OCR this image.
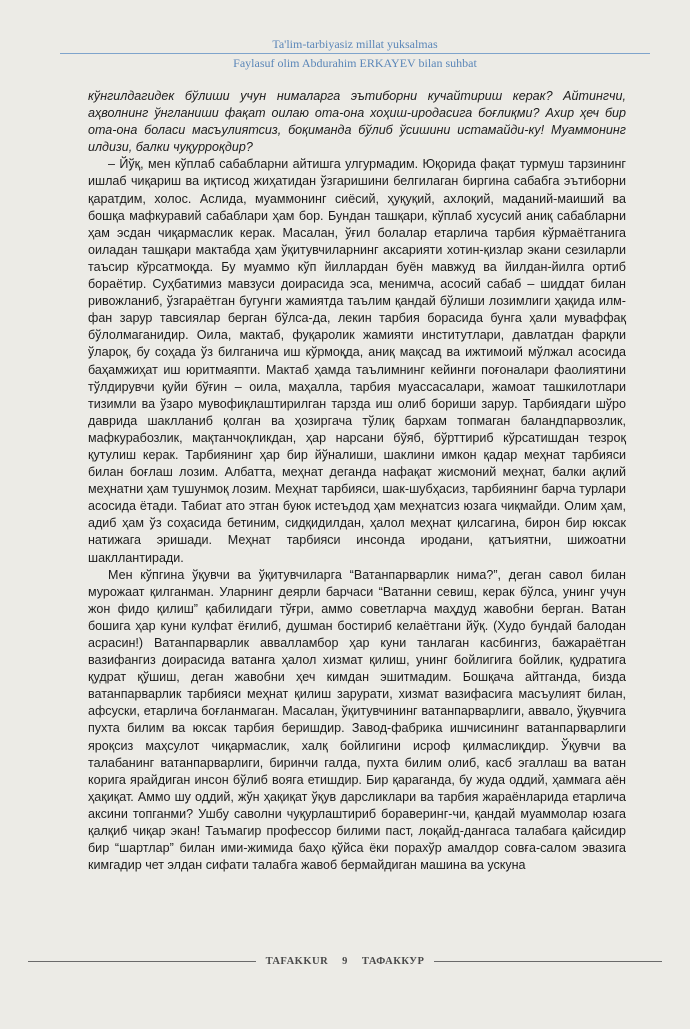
Ta'lim-tarbiyasiz millat yuksalmas
Faylasuf olim Abdurahim ERKAYEV bilan suhbat

кўнгилдагидек бўлиши учун нималарга эътиборни кучайтириш керак? Айтингчи, аҳволнинг ўнгланиши фақат оилаю ота-она хоҳиш-иродасига боғлиқми? Ахир ҳеч бир ота-она боласи масъулиятсиз, боқиманда бўлиб ўсишини истамайди-ку! Муаммонинг илдизи, балки чуқурроқдир?

– Йўқ, мен кўплаб сабабларни айтишга улгурмадим. Юқорида фақат турмуш тарзининг ишлаб чиқариш ва иқтисод жиҳатидан ўзгаришини белгилаган биргина сабабга эътиборни қаратдим, холос. Аслида, муаммонинг сиёсий, ҳуқуқий, ахлоқий, маданий-маиший ва бошқа мафкуравий сабаблари ҳам бор. Бундан ташқари, кўплаб хусусий аниқ сабабларни ҳам эсдан чиқармаслик керак. Масалан, ўғил болалар етарлича тарбия кўрмаётганига оиладан ташқари мактабда ҳам ўқитувчиларнинг аксарияти хотин-қизлар экани сезиларли таъсир кўрсатмоқда. Бу муаммо кўп йиллардан буён мавжуд ва йилдан-йилга ортиб бораётир. Суҳбатимиз мавзуси доирасида эса, менимча, асосий сабаб – шиддат билан ривожланиб, ўзгараётган бугунги жамиятда таълим қандай бўлиши лозимлиги ҳақида илм-фан зарур тавсиялар берган бўлса-да, лекин тарбия борасида бунга ҳали муваффақ бўлолмаганидир. Оила, мактаб, фуқаролик жамияти институтлари, давлатдан фарқли ўлароқ, бу соҳада ўз билганича иш кўрмоқда, аниқ мақсад ва ижтимоий мўлжал асосида баҳамжиҳат иш юритмаяпти. Мактаб ҳамда таълимнинг кейинги поғоналари фаолиятини тўлдирувчи қуйи бўғин – оила, маҳалла, тарбия муассасалари, жамоат ташкилотлари тизимли ва ўзаро мувофиқлаштирилган тарзда иш олиб бориши зарур. Тарбиядаги шўро даврида шаклланиб қолган ва ҳозиргача тўлиқ бархам топмаган баландпарвозлик, мафкурабозлик, мақтанчоқликдан, ҳар нарсани бўяб, бўрттириб кўрсатишдан тезроқ қутулиш керак. Тарбиянинг ҳар бир йўналиши, шаклини имкон қадар меҳнат тарбияси билан боғлаш лозим. Албатта, меҳнат деганда нафақат жисмоний меҳнат, балки ақлий меҳнатни ҳам тушунмоқ лозим. Меҳнат тарбияси, шак-шубҳасиз, тарбиянинг барча турлари асосида ётади. Табиат ато этган буюк истеъдод ҳам меҳнатсиз юзага чиқмайди. Олим ҳам, адиб ҳам ўз соҳасида бетиним, сидқидилдан, ҳалол меҳнат қилсагина, бирон бир юксак натижага эришади. Меҳнат тарбияси инсонда иродани, қатъиятни, шижоатни шакллантиради.

Мен кўпгина ўқувчи ва ўқитувчиларга “Ватанпарварлик нима?”, деган савол билан мурожаат қилганман. Уларнинг деярли барчаси “Ватанни севиш, керак бўлса, унинг учун жон фидо қилиш” қабилидаги тўғри, аммо советларча маҳдуд жавобни берган. Ватан бошига ҳар куни кулфат ёғилиб, душман бостириб келаётгани йўқ. (Худо бундай балодан асрасин!) Ватанпарварлик аввалламбор ҳар куни танлаган касбингиз, бажараётган вазифангиз доирасида ватанга ҳалол хизмат қилиш, унинг бойлигига бойлик, қудратига қудрат қўшиш, деган жавобни ҳеч кимдан эшитмадим. Бошқача айтганда, бизда ватанпарварлик тарбияси меҳнат қилиш зарурати, хизмат вазифасига масъулият билан, афсуски, етарлича боғланмаган. Масалан, ўқитувчининг ватанпарварлиги, аввало, ўқувчига пухта билим ва юксак тарбия беришдир. Завод-фабрика ишчисининг ватанпарварлиги яроқсиз маҳсулот чиқармаслик, халқ бойлигини исроф қилмаслиқдир. Ўқувчи ва талабанинг ватанпарварлиги, биринчи галда, пухта билим олиб, касб эгаллаш ва ватан корига ярайдиган инсон бўлиб вояга етишдир. Бир қараганда, бу жуда оддий, ҳаммага аён ҳақиқат. Аммо шу оддий, жўн ҳақиқат ўқув дарсликлари ва тарбия жараёнларида етарлича аксини топганми? Ушбу саволни чуқурлаштириб бораверинг-чи, қандай муаммолар юзага қалқиб чиқар экан! Таъмагир профессор билими паст, лоқайд-дангаса талабага қайсидир бир “шартлар” билан ими-жимида баҳо қўйса ёки порахўр амалдор совға-салом эвазига кимгадир чет элдан сифати талабга жавоб бермайдиган машина ва ускуна

TAFAKKUR 9 ТАФАККУР
